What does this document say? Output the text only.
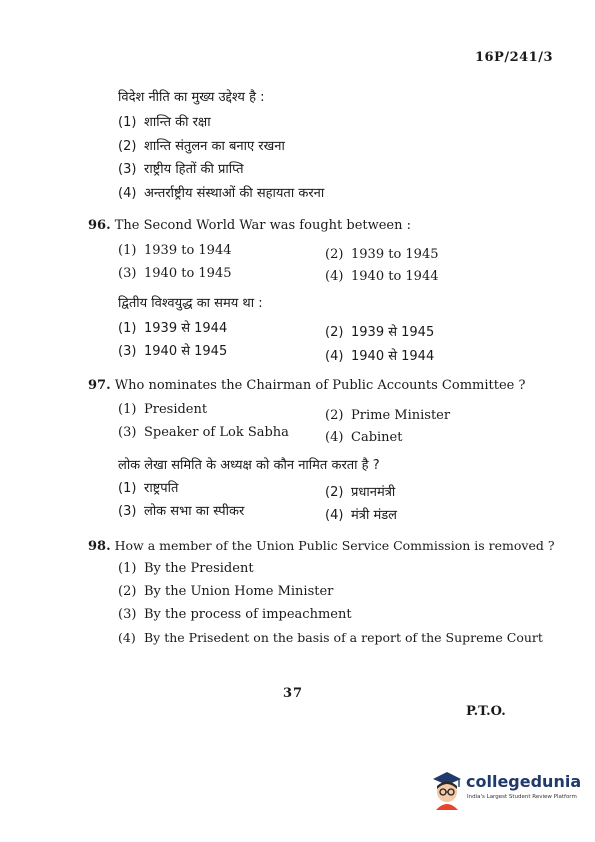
16P/241/3
विदेश नीति का मुख्य उद्देश्य है :
(1) शान्ति की रक्षा
(2) शान्ति संतुलन का बनाए रखना
(3) राष्ट्रीय हितों की प्राप्ति
(4) अन्तर्राष्ट्रीय संस्थाओं की सहायता करना
96. The Second World War was fought between :
(1) 1939 to 1944	(2) 1939 to 1945
(3) 1940 to 1945	(4) 1940 to 1944
द्वितीय विश्वयुद्ध का समय था :
(1) 1939 से 1944	(2) 1939 से 1945
(3) 1940 से 1945	(4) 1940 से 1944
97. Who nominates the Chairman of Public Accounts Committee ?
(1) President	(2) Prime Minister
(3) Speaker of Lok Sabha	(4) Cabinet
लोक लेखा समिति के अध्यक्ष को कौन नामित करता है ?
(1) राष्ट्रपति	(2) प्रधानमंत्री
(3) लोक सभा का स्पीकर	(4) मंत्री मंडल
98. How a member of the Union Public Service Commission is removed ?
(1) By the President
(2) By the Union Home Minister
(3) By the process of impeachment
(4) By the Prisedent on the basis of a report of the Supreme Court
37
P.T.O.
collegedunia
India's Largest Student Review Platform
